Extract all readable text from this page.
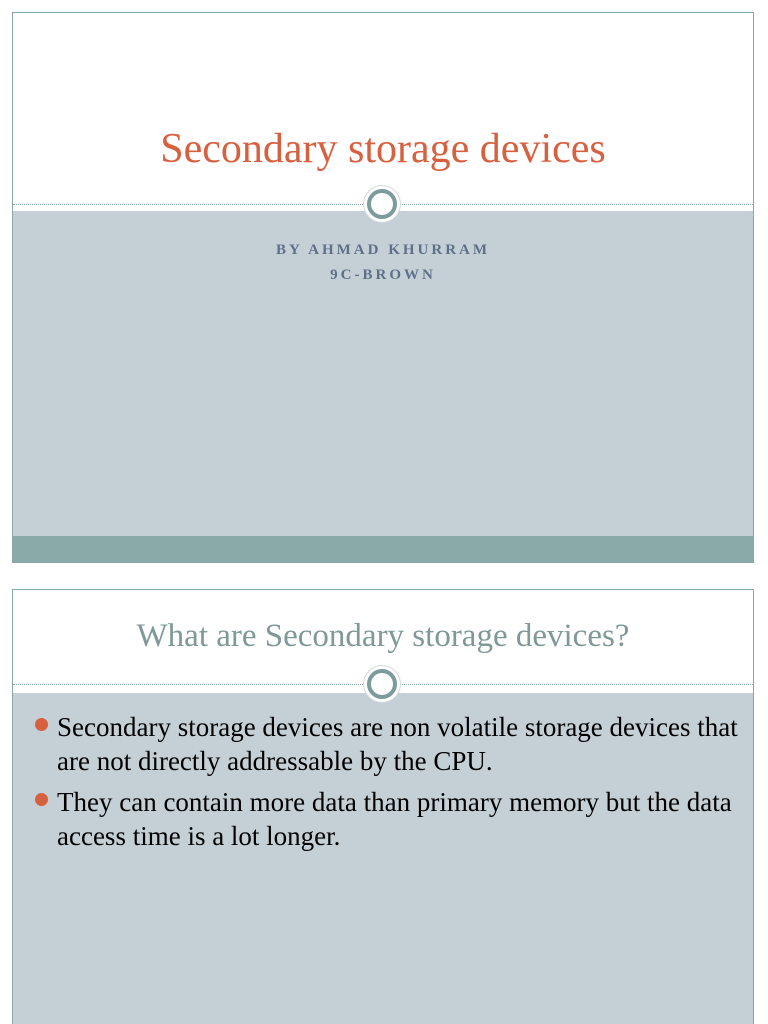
Secondary storage devices

BY AHMAD KHURRAM

9C-BROWN

What are Secondary storage devices?
Secondary storage devices are non volatile storage devices that are not directly addressable by the CPU.
They can contain more data than primary memory but the data access time is a lot longer.
